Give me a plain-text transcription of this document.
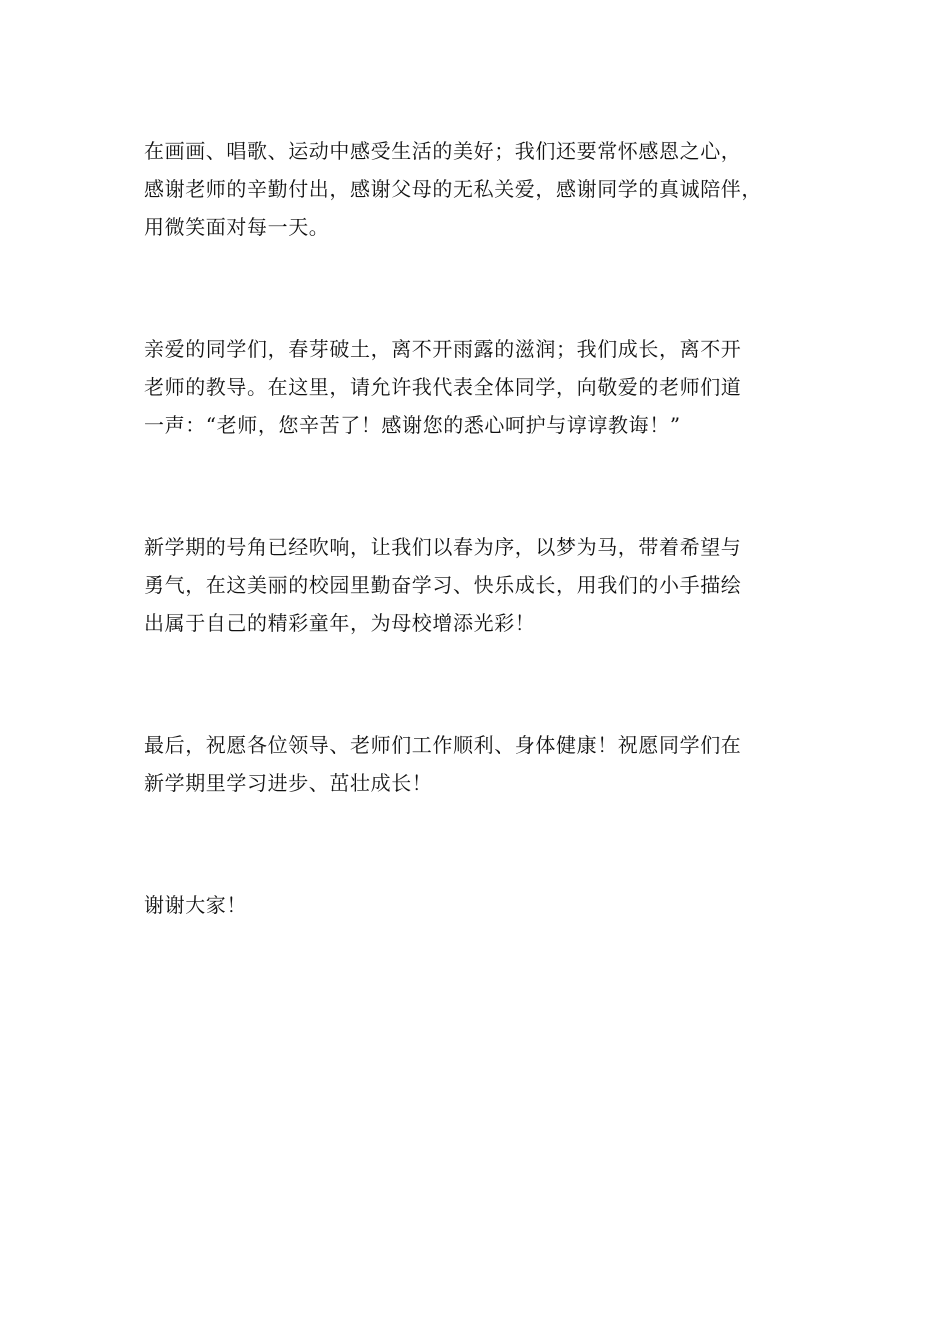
在画画、唱歌、运动中感受生活的美好；我们还要常怀感恩之心，
感谢老师的辛勤付出，感谢父母的无私关爱，感谢同学的真诚陪伴，
用微笑面对每一天。

亲爱的同学们，春芽破土，离不开雨露的滋润；我们成长，离不开
老师的教导。在这里，请允许我代表全体同学，向敬爱的老师们道
一声：“老师，您辛苦了！感谢您的悉心呵护与谆谆教诲！”

新学期的号角已经吹响，让我们以春为序，以梦为马，带着希望与
勇气，在这美丽的校园里勤奋学习、快乐成长，用我们的小手描绘
出属于自己的精彩童年，为母校增添光彩！

最后，祝愿各位领导、老师们工作顺利、身体健康！祝愿同学们在
新学期里学习进步、茁壮成长！

谢谢大家！
